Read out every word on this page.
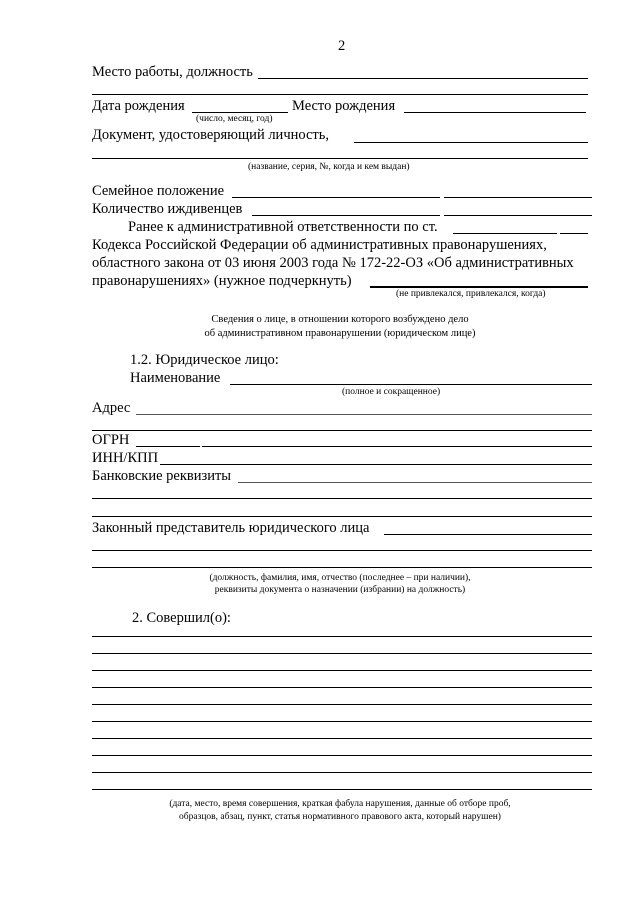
2
Место работы, должность
Дата рождения	Место рождения
(число, месяц, год)
Документ, удостоверяющий личность,
(название, серия, №, когда и кем выдан)
Семейное положение
Количество иждивенцев
Ранее к административной ответственности по ст.
Кодекса Российской Федерации об административных правонарушениях,
областного закона от 03 июня 2003 года № 172-22-ОЗ «Об административных
правонарушениях» (нужное подчеркнуть)
(не привлекался, привлекался, когда)
Сведения о лице, в отношении которого возбуждено дело
об административном правонарушении (юридическом лице)
1.2. Юридическое лицо:
Наименование
(полное и сокращенное)
Адрес
ОГРН
ИНН/КПП
Банковские реквизиты
Законный представитель юридического лица
(должность, фамилия, имя, отчество (последнее – при наличии),
реквизиты документа о назначении (избрании) на должность)
2. Совершил(о):
(дата, место, время совершения, краткая фабула нарушения, данные об отборе проб,
образцов, абзац, пункт, статья нормативного правового акта, который нарушен)
